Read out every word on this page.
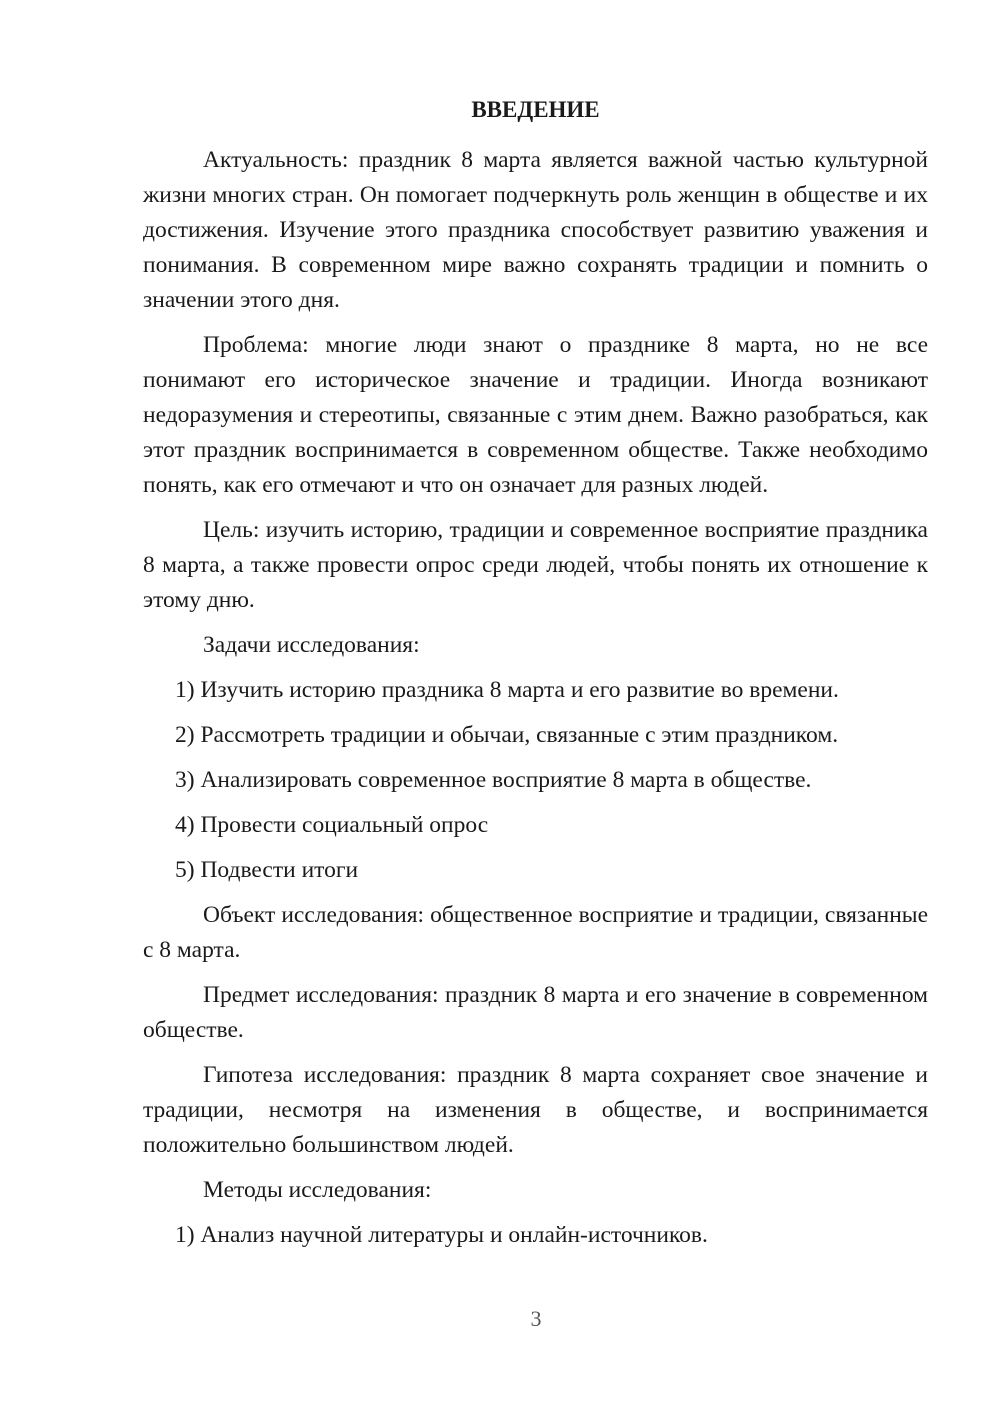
ВВЕДЕНИЕ

Актуальность: праздник 8 марта является важной частью культурной жизни многих стран. Он помогает подчеркнуть роль женщин в обществе и их достижения. Изучение этого праздника способствует развитию уважения и понимания. В современном мире важно сохранять традиции и помнить о значении этого дня.

Проблема: многие люди знают о празднике 8 марта, но не все понимают его историческое значение и традиции. Иногда возникают недоразумения и стереотипы, связанные с этим днем. Важно разобраться, как этот праздник воспринимается в современном обществе. Также необходимо понять, как его отмечают и что он означает для разных людей.

Цель: изучить историю, традиции и современное восприятие праздника 8 марта, а также провести опрос среди людей, чтобы понять их отношение к этому дню.

Задачи исследования:

1) Изучить историю праздника 8 марта и его развитие во времени.
2) Рассмотреть традиции и обычаи, связанные с этим праздником.
3) Анализировать современное восприятие 8 марта в обществе.
4) Провести социальный опрос
5) Подвести итоги

Объект исследования: общественное восприятие и традиции, связанные с 8 марта.

Предмет исследования: праздник 8 марта и его значение в современном обществе.

Гипотеза исследования: праздник 8 марта сохраняет свое значение и традиции, несмотря на изменения в обществе, и воспринимается положительно большинством людей.

Методы исследования:

1) Анализ научной литературы и онлайн-источников.
3
